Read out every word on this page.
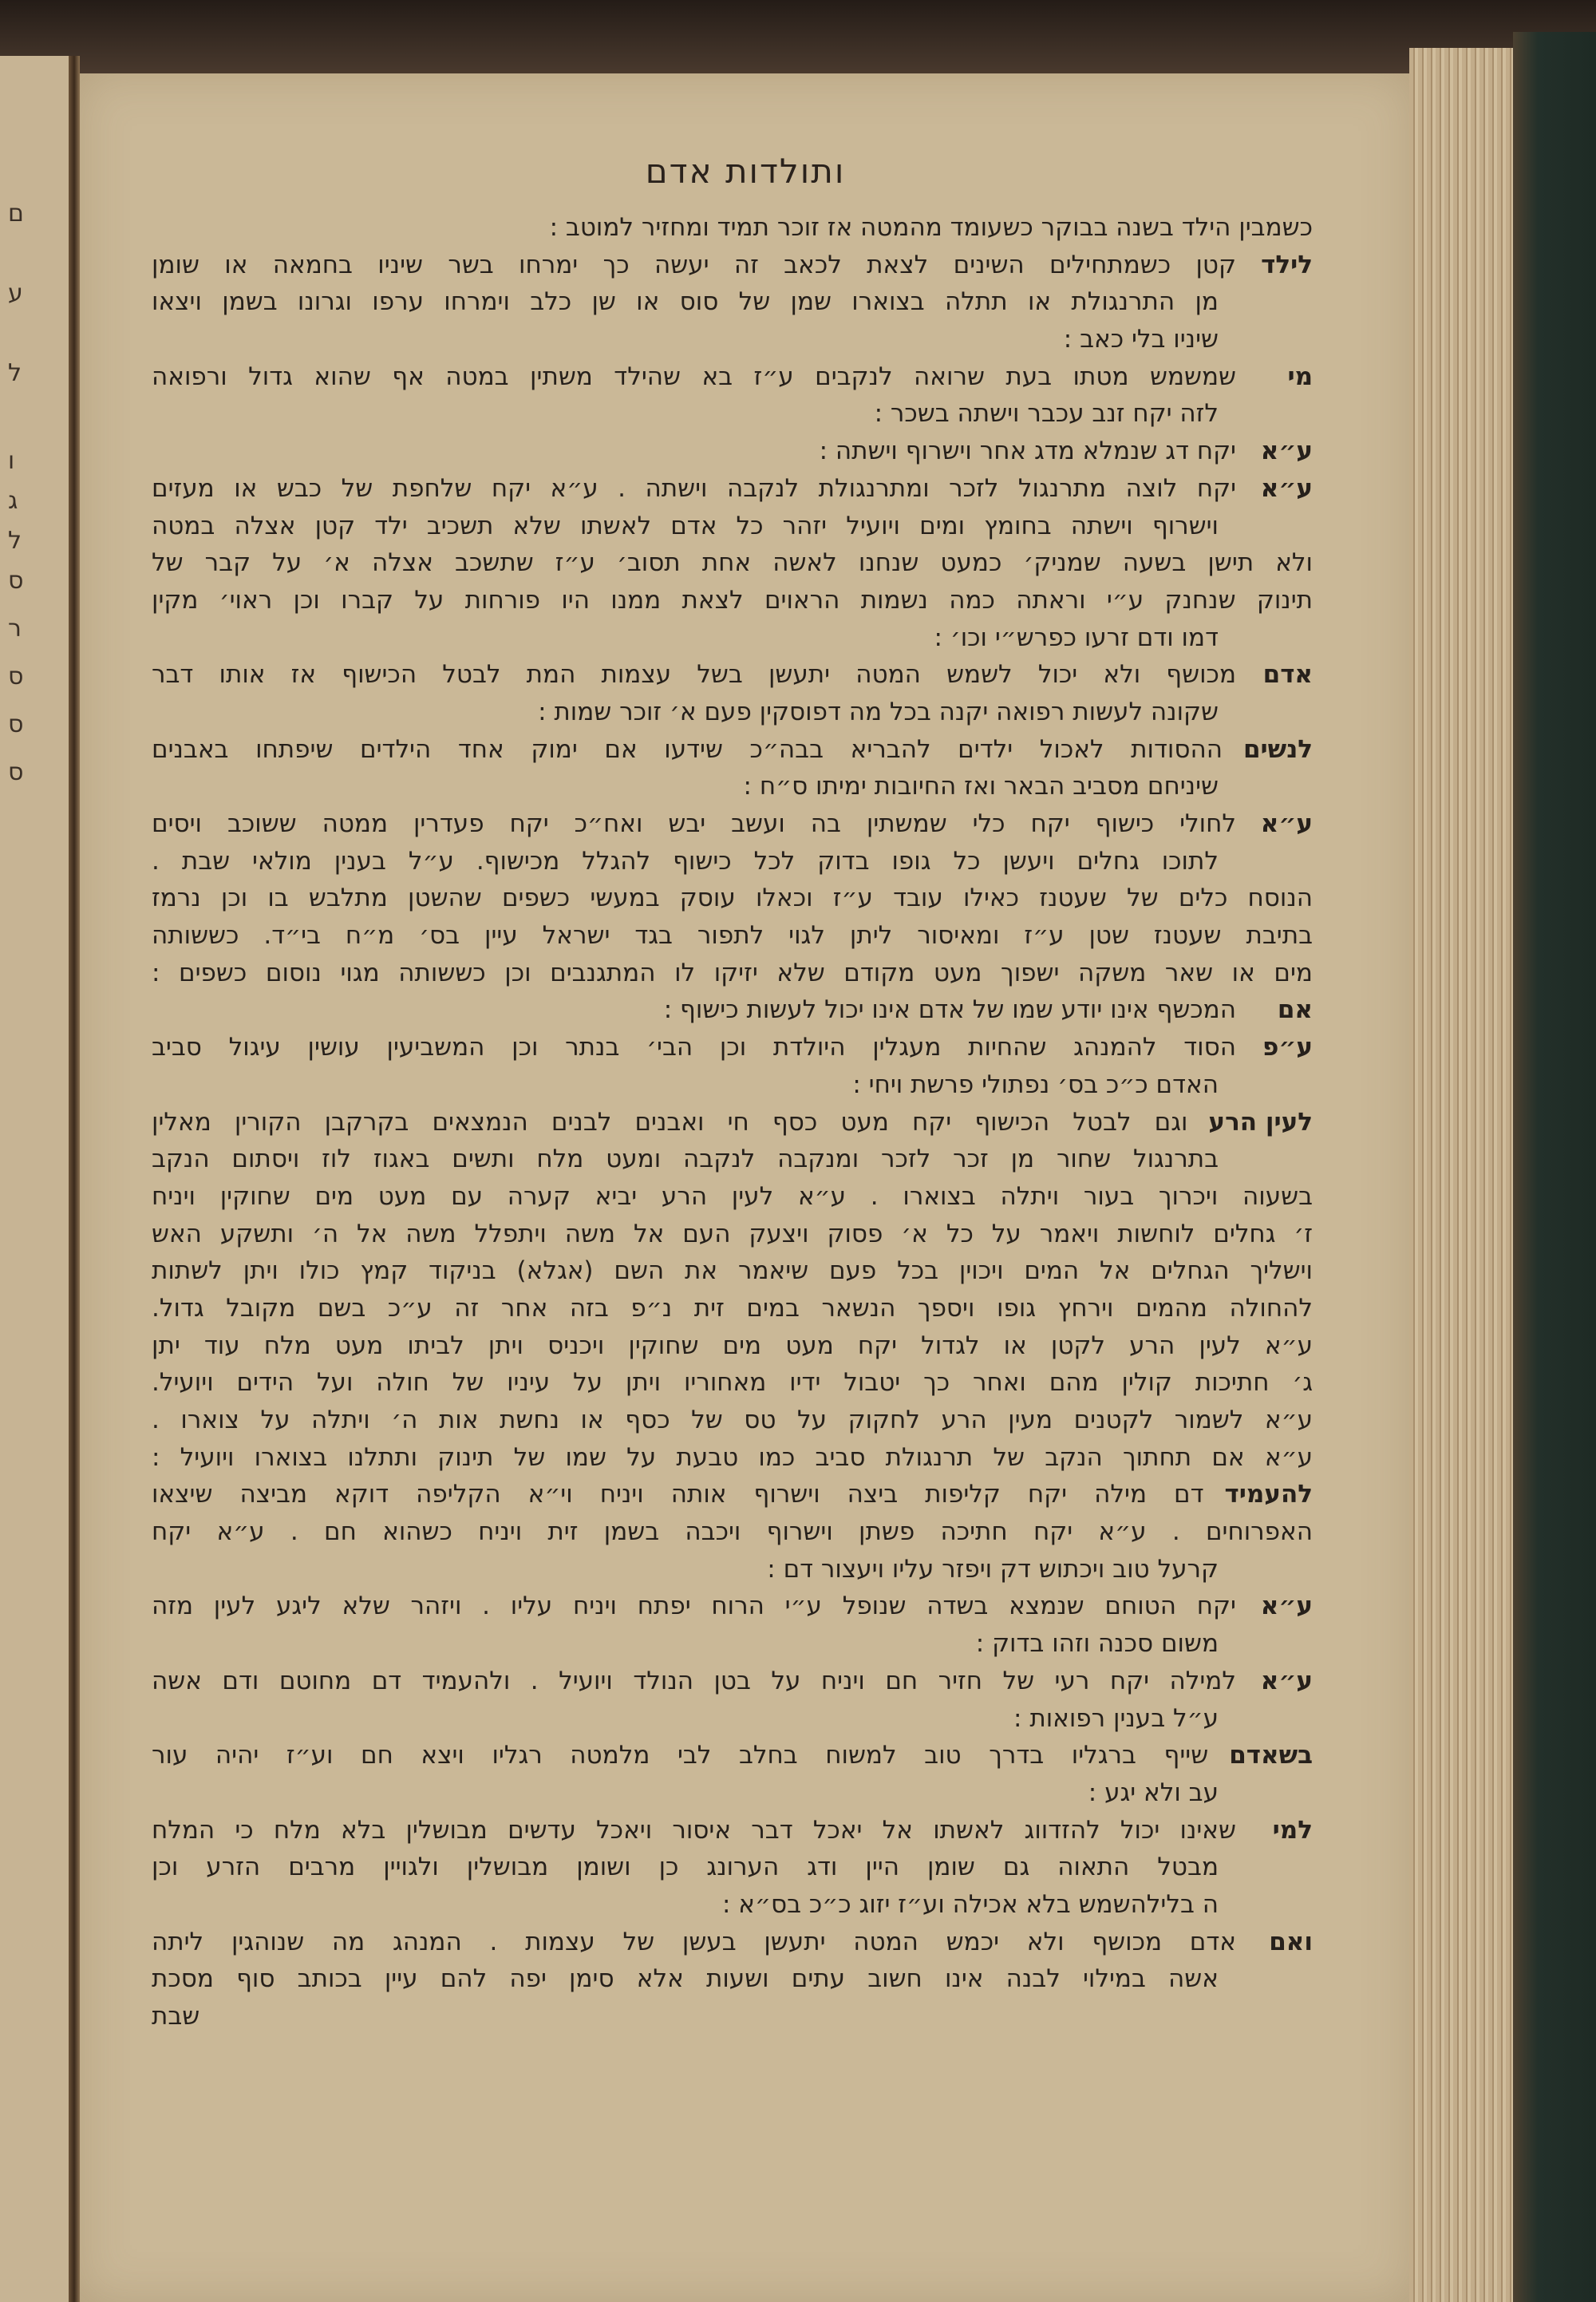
ותולדות אדם
כשמבין הילד בשנה בבוקר כשעומד מהמטה אז זוכר תמיד ומחזיר למוטב :
לילד
קטן כשמתחילים השינים לצאת לכאב זה יעשה כך ימרחו בשר שיניו בחמאה או שומן
מן התרנגולת או תתלה בצוארו שמן של סוס או שן כלב וימרחו ערפו וגרונו בשמן ויצאו
שיניו בלי כאב :
מי
שמשמש מטתו בעת שרואה לנקבים ע״ז בא שהילד משתין במטה אף שהוא גדול ורפואה
לזה יקח זנב עכבר וישתה בשכר :
ע״א
יקח דג שנמלא מדג אחר וישרוף וישתה :
ע״א
יקח לוצה מתרנגול לזכר ומתרנגולת לנקבה וישתה . ע״א יקח שלחפת של כבש או מעזים
וישרוף וישתה בחומץ ומים ויועיל יזהר כל אדם לאשתו שלא תשכיב ילד קטן אצלה במטה
ולא תישן בשעה שמניק׳ כמעט שנחנו לאשה אחת תסוב׳ ע״ז שתשכב אצלה א׳ על קבר של
תינוק שנחנק ע״י וראתה כמה נשמות הראוים לצאת ממנו היו פורחות על קברו וכן ראוי׳ מקין
דמו ודם זרעו כפרש״י וכו׳ :
אדם
מכושף ולא יכול לשמש המטה יתעשן בשל עצמות המת לבטל הכישוף אז אותו דבר
שקונה לעשות רפואה יקנה בכל מה דפוסקין פעם א׳ זוכר שמות :
לנשים
ההסודות לאכול ילדים להבריא בבה״כ שידעו אם ימוק אחד הילדים שיפתחו באבנים
שיניחם מסביב הבאר ואז החיובות ימיתו ס״ח :
ע״א
לחולי כישוף יקח כלי שמשתין בה ועשב יבש ואח״כ יקח פעדרין ממטה ששוכב ויסים
לתוכו גחלים ויעשן כל גופו בדוק לכל כישוף להגלל מכישוף. ע״ל בענין מולאי שבת .
הנוסח כלים של שעטנז כאילו עובד ע״ז וכאלו עוסק במעשי כשפים שהשטן מתלבש בו וכן נרמז
בתיבת שעטנז שטן ע״ז ומאיסור ליתן לגוי לתפור בגד ישראל עיין בס׳ מ״ח בי״ד. כששותה
מים או שאר משקה ישפוך מעט מקודם שלא יזיקו לו המתגנבים וכן כששותה מגוי נוסום כשפים :
אם
המכשף אינו יודע שמו של אדם אינו יכול לעשות כישוף :
ע״פ
הסוד להמנהג שהחיות מעגלין היולדת וכן הבי׳ בנתר וכן המשביעין עושין עיגול סביב
האדם כ״כ בס׳ נפתולי פרשת ויחי :
לעין הרע
וגם לבטל הכישוף יקח מעט כסף חי ואבנים לבנים הנמצאים בקרקבן הקורין מאלין
בתרנגול שחור מן זכר לזכר ומנקבה לנקבה ומעט מלח ותשים באגוז לוז ויסתום הנקב
בשעוה ויכרוך בעור ויתלה בצוארו . ע״א לעין הרע יביא קערה עם מעט מים שחוקין ויניח
ז׳ גחלים לוחשות ויאמר על כל א׳ פסוק ויצעק העם אל משה ויתפלל משה אל ה׳ ותשקע האש
וישליך הגחלים אל המים ויכוין בכל פעם שיאמר את השם (אגלא) בניקוד קמץ כולו ויתן לשתות
להחולה מהמים וירחץ גופו ויספך הנשאר במים זית נ״פ בזה אחר זה ע״כ בשם מקובל גדול.
ע״א לעין הרע לקטן או לגדול יקח מעט מים שחוקין ויכניס ויתן לביתו מעט מלח עוד יתן
ג׳ חתיכות קולין מהם ואחר כך יטבול ידיו מאחוריו ויתן על עיניו של חולה ועל הידים ויועיל.
ע״א לשמור לקטנים מעין הרע לחקוק על טס של כסף או נחשת אות ה׳ ויתלה על צוארו .
ע״א אם תחתוך הנקב של תרנגולת סביב כמו טבעת על שמו של תינוק ותתלנו בצוארו ויועיל :
להעמיד
דם מילה יקח קליפות ביצה וישרוף אותה ויניח וי״א הקליפה דוקא מביצה שיצאו
האפרוחים . ע״א יקח חתיכה פשתן וישרוף ויכבה בשמן זית ויניח כשהוא חם . ע״א יקח
קרעל טוב ויכתוש דק ויפזר עליו ויעצור דם :
ע״א
יקח הטוחם שנמצא בשדה שנופל ע״י הרוח יפתח ויניח עליו . ויזהר שלא ליגע לעין מזה
משום סכנה וזהו בדוק :
ע״א
למילה יקח רעי של חזיר חם ויניח על בטן הנולד ויועיל . ולהעמיד דם מחוטם ודם אשה
ע״ל בענין רפואות :
בשאדם
שייף ברגליו בדרך טוב למשוח בחלב לבי מלמטה רגליו ויצא חם וע״ז יהיה עור
עב ולא יגע :
למי
שאינו יכול להזדווג לאשתו אל יאכל דבר איסור ויאכל עדשים מבושלין בלא מלח כי המלח
מבטל התאוה גם שומן היין ודג הערונג כן ושומן מבושלין ולגויין מרבים הזרע וכן
ה בלילהשמש בלא אכילה וע״ז יזוג כ״כ בס״א :
ואם
אדם מכושף ולא יכמש המטה יתעשן בעשן של עצמות . המנהג מה שנוהגין ליתה
אשה במילוי לבנה אינו חשוב עתים ושעות אלא סימן יפה להם עיין בכותב סוף מסכת
שבת
ם
ע
ל
ו
ג
ל
ס
ר
ס
ס
ס
